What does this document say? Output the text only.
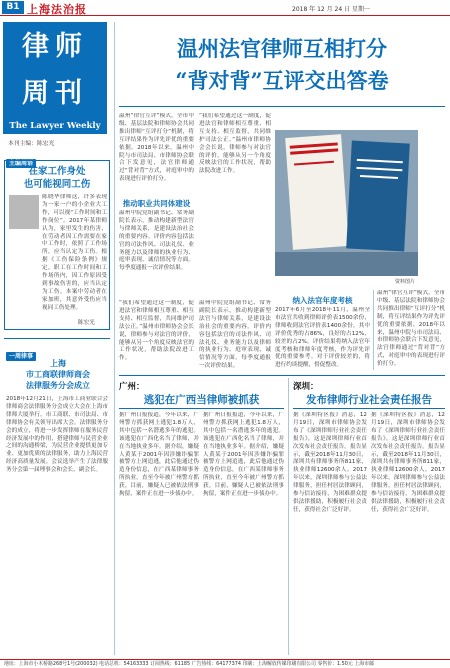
B1 上海法治报	2018 年 12 月 24 日 星期一
律师
周刊
The Lawyer Weekly
本刊主编：陈宏光
主编周语
在家工作身处
也可能视同工伤
陈晓华律师这，许多表现为一家一户的小企业大工作，可以视“工作时间和工作岗位”。2017年某律师认为，家里发生的伤害，在劳动者因工作需要在家中工作时，依照了工作场所，应当认定为工伤。根据《工伤保险条例》规定，职工在工作时间和工作场所内，因工作原因受到事故伤害的，应当认定为工伤。本案中劳动者在家加班，其意外受伤应当视同工伤处理。
陈宏光
一周律事
上海
市工商联律师商会
法律服务分会成立
2018年12月21日，上海市工商业联合会律师商会法律服务分会成立大会在上海市律师大厦举行。市工商联、市司法局、市律师协会有关领导出席大会。法律服务分会的成立，将进一步发挥律师在服务民营经济发展中的作用，搭建律师与民营企业之间的沟通桥梁，为民营企业提供更加专业、更加优质的法律服务，助力上海民营经济高质量发展。会议选举产生了法律服务分会第一届理事会和会长、副会长。
温州法官律师互相打分
“背对背”互评交出答卷
温州“律官互评”模式，全市中级、基层法院和律师协会共同推出律师“互评打分”机制，将互评结果作为评先评优的重要依据。2018年以来，温州中院与市司法局、市律师协会联合下发意见，法官律师通过“背对背”方式，对庭审中的表现进行评价打分。
推动职业共同体建设
温州中院党组副书记、常务副院长表示，推动构建新型法官与律师关系，是建设法治社会的重要内容。评价内容包括法官的司法作风、司法礼仪、业务能力以及律师的执业行为、庭审表现、诚信情况等方面。每季度通报一次评价结果。
“我们希望通过这一制度，促进法官和律师相互尊重、相互支持、相互监督，共同维护司法公正。”温州市律师协会会长说，律师参与对法官的评价，能够从另一个角度反映法官的工作状况，帮助法院改进工作。
资料图片
纳入法官年度考核
2017年6月至2018年11月，温州全市法官共收到律师评价表1500余份，律师收到法官评价表1400余份。其中评价优秀的占86%，良好的占12%，较差的占2%。评价结果将纳入法官年度考核和律师年度考核，作为评先评优的重要参考。对于评价较差的，将进行约谈提醒，督促整改。
温州“律官互评”模式，全市中级、基层法院和律师协会共同推出律师“互评打分”机制，将互评结果作为评先评优的重要依据。2018年以来，温州中院与市司法局、市律师协会联合下发意见，法官律师通过“背对背”方式，对庭审中的表现进行评价打分。
温州中院党组副书记、常务副院长表示，推动构建新型法官与律师关系，是建设法治社会的重要内容。评价内容包括法官的司法作风、司法礼仪、业务能力以及律师的执业行为、庭审表现、诚信情况等方面。每季度通报一次评价结果。
“我们希望通过这一制度，促进法官和律师相互尊重、相互支持、相互监督，共同维护司法公正。”温州市律师协会会长说，律师参与对法官的评价，能够从另一个角度反映法官的工作状况，帮助法院改进工作。
广州：
逃犯在广西当律师被抓获
据广州日报报道，今年以来，广州警方抓获网上逃犯1.8万人，其中包括一名潜逃多年的逃犯。该逃犯在广西化名当了律师，并在当地执业多年。据介绍，嫌疑人黄某于2001年因涉嫌诈骗罪被警方上网追逃，此后他通过伪造身份信息，在广西某律师事务所执业，直至今年被广州警方抓获。目前，嫌疑人已被依法刑事拘留，案件正在进一步侦办中。
据广州日报报道，今年以来，广州警方抓获网上逃犯1.8万人，其中包括一名潜逃多年的逃犯。该逃犯在广西化名当了律师，并在当地执业多年。据介绍，嫌疑人黄某于2001年因涉嫌诈骗罪被警方上网追逃，此后他通过伪造身份信息，在广西某律师事务所执业，直至今年被广州警方抓获。目前，嫌疑人已被依法刑事拘留，案件正在进一步侦办中。
深圳：
发布律师行业社会责任报告
据《深圳特区报》消息，12月19日，深圳市律师协会发布了《深圳律师行业社会责任报告》，这是深圳律师行业首次发布社会责任报告。报告显示，截至2018年11月30日，深圳共有律师事务所811家，执业律师12600余人。2017年以来，深圳律师参与公益法律服务，担任村居法律顾问，参与信访接待，为困难群众提供法律援助，积极履行社会责任，获得社会广泛好评。
据《深圳特区报》消息，12月19日，深圳市律师协会发布了《深圳律师行业社会责任报告》，这是深圳律师行业首次发布社会责任报告。报告显示，截至2018年11月30日，深圳共有律师事务所811家，执业律师12600余人。2017年以来，深圳律师参与公益法律服务，担任村居法律顾问，参与信访接待，为困难群众提供法律援助，积极履行社会责任，获得社会广泛好评。
地址：上海市小木桥路268号1号(200032) 电话总机：54163333 订阅热线：61185 广告热线：64177374 印刷：上海解放传媒印刷有限公司 零售价：1.50元 上海市邮
